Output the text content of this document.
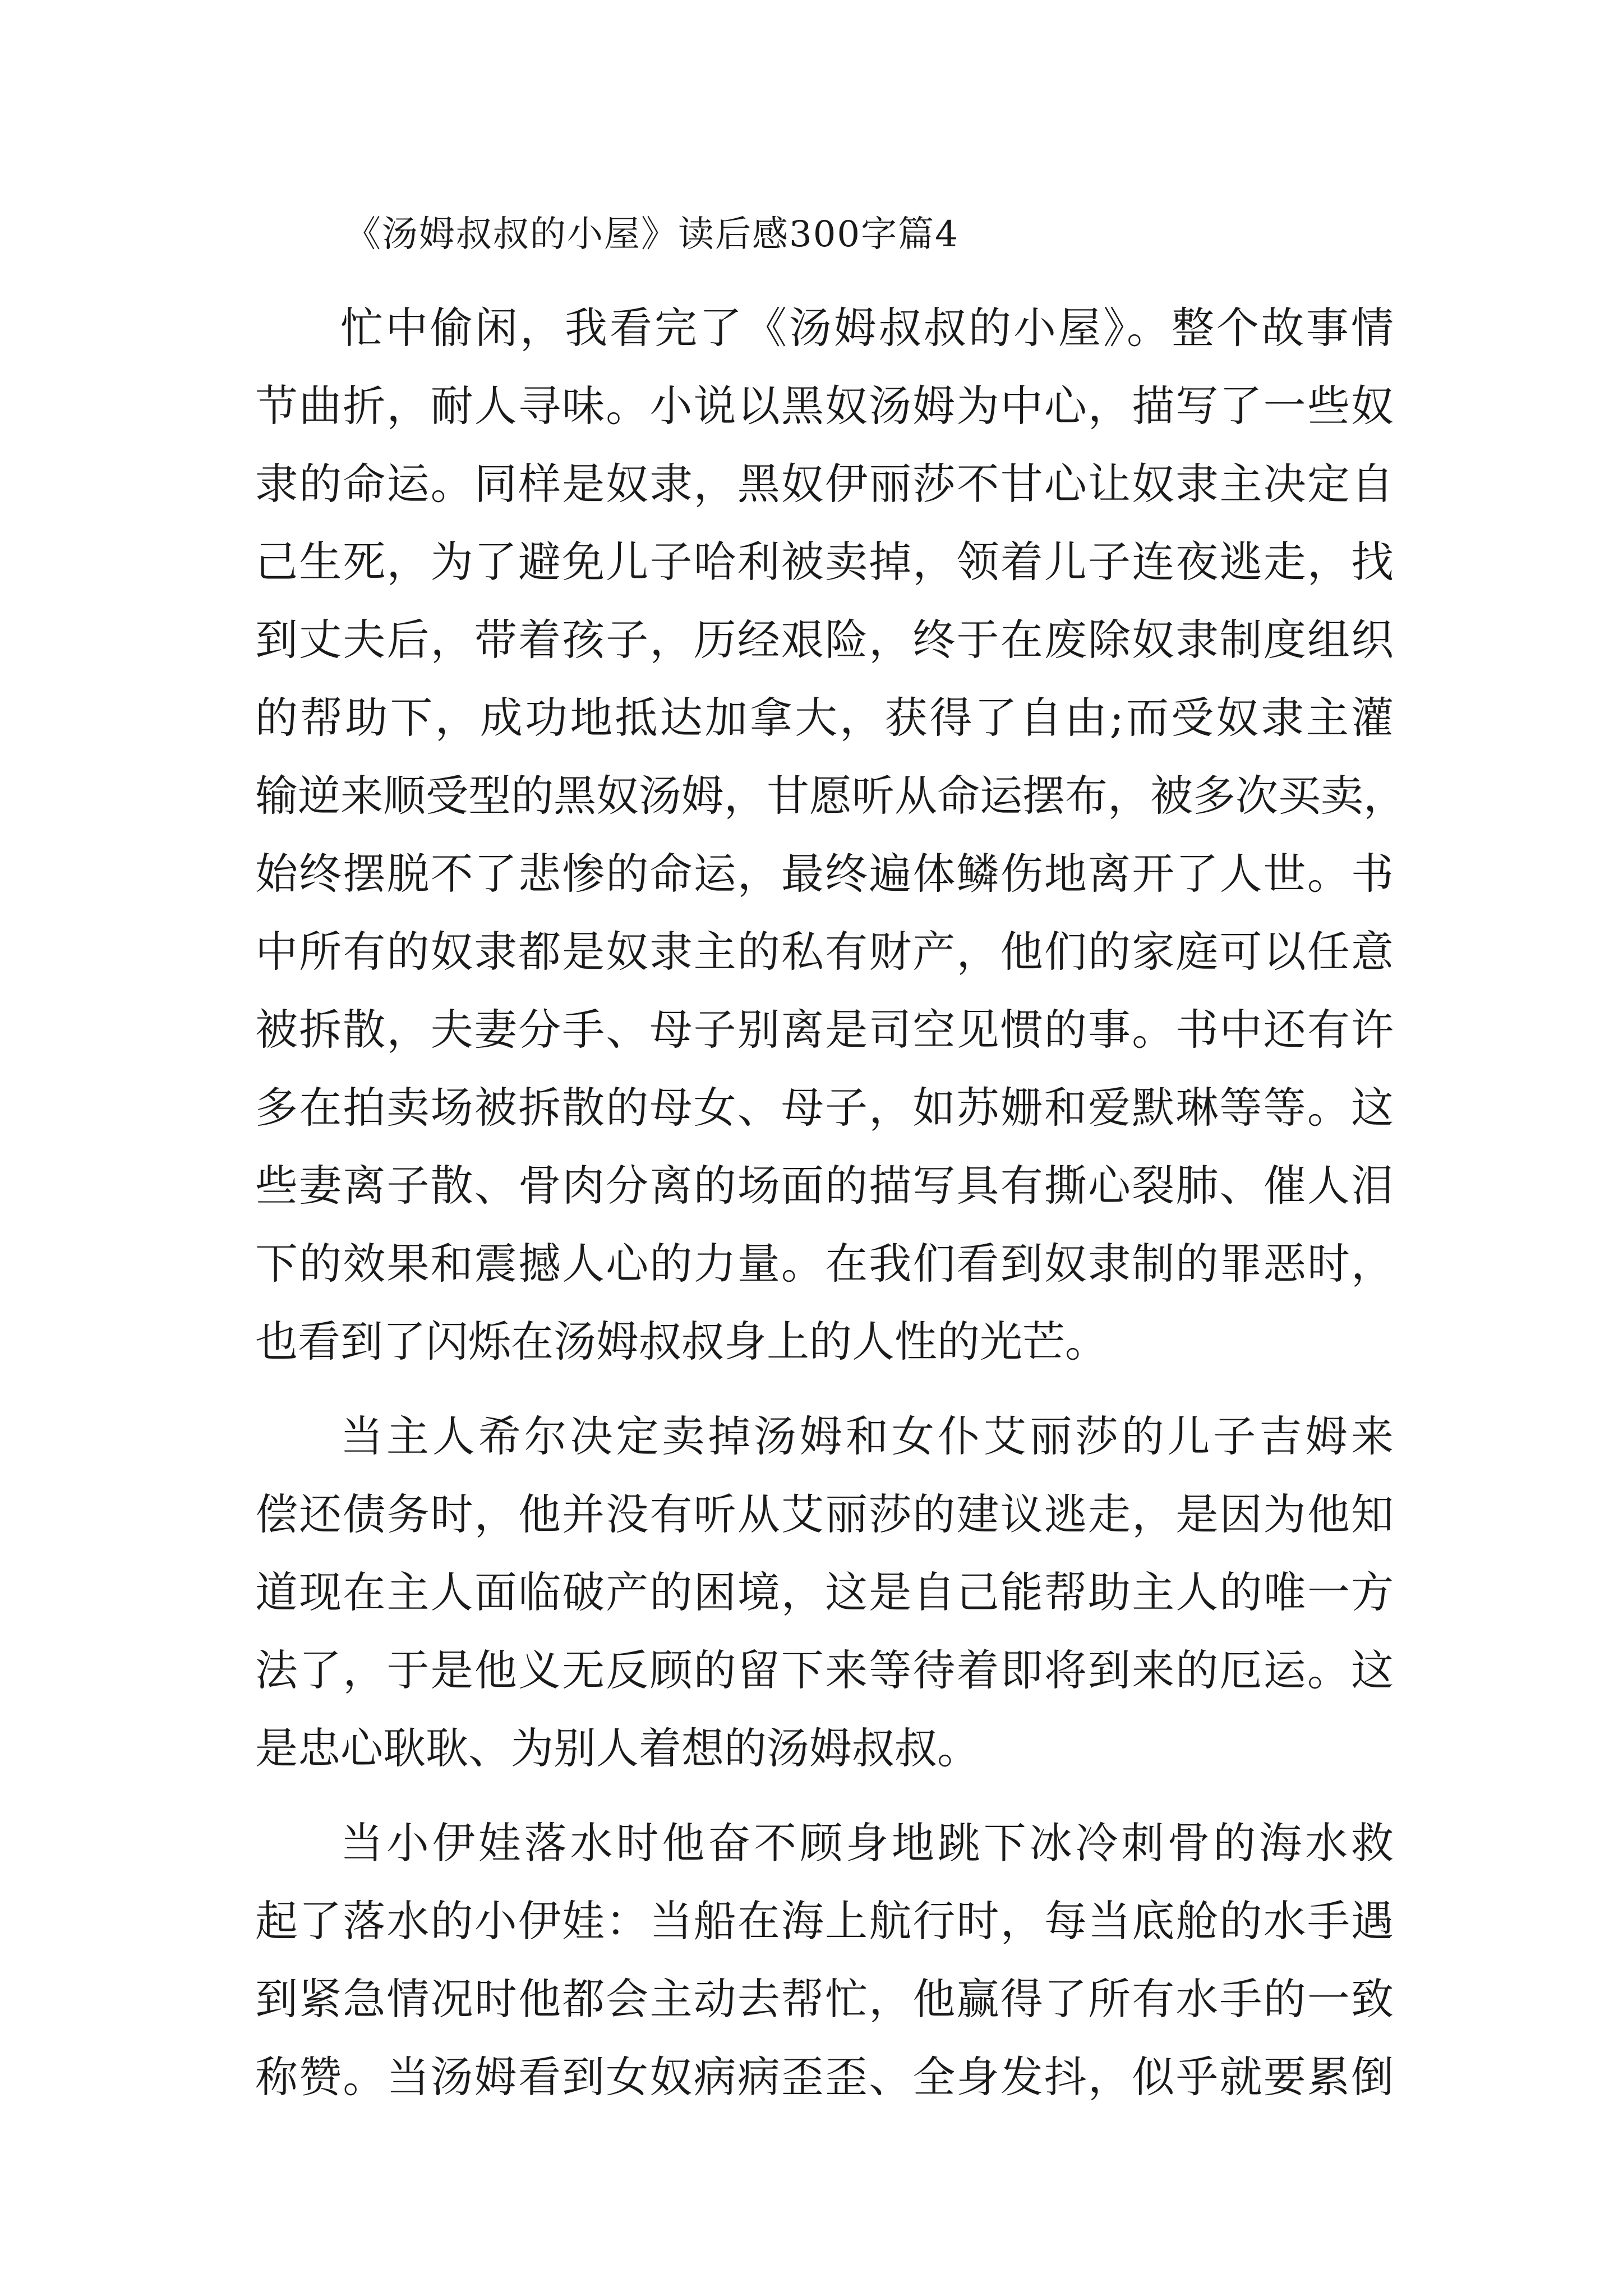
《汤姆叔叔的小屋》读后感300字篇4
忙中偷闲，我看完了《汤姆叔叔的小屋》。整个故事情
节曲折，耐人寻味。小说以黑奴汤姆为中心，描写了一些奴
隶的命运。同样是奴隶，黑奴伊丽莎不甘心让奴隶主决定自
己生死，为了避免儿子哈利被卖掉，领着儿子连夜逃走，找
到丈夫后，带着孩子，历经艰险，终于在废除奴隶制度组织
的帮助下，成功地抵达加拿大，获得了自由;而受奴隶主灌
输逆来顺受型的黑奴汤姆，甘愿听从命运摆布，被多次买卖，
始终摆脱不了悲惨的命运，最终遍体鳞伤地离开了人世。书
中所有的奴隶都是奴隶主的私有财产，他们的家庭可以任意
被拆散，夫妻分手、母子别离是司空见惯的事。书中还有许
多在拍卖场被拆散的母女、母子，如苏姗和爱默琳等等。这
些妻离子散、骨肉分离的场面的描写具有撕心裂肺、催人泪
下的效果和震撼人心的力量。在我们看到奴隶制的罪恶时，
也看到了闪烁在汤姆叔叔身上的人性的光芒。
当主人希尔决定卖掉汤姆和女仆艾丽莎的儿子吉姆来
偿还债务时，他并没有听从艾丽莎的建议逃走，是因为他知
道现在主人面临破产的困境，这是自己能帮助主人的唯一方
法了，于是他义无反顾的留下来等待着即将到来的厄运。这
是忠心耿耿、为别人着想的汤姆叔叔。
当小伊娃落水时他奋不顾身地跳下冰冷刺骨的海水救
起了落水的小伊娃：当船在海上航行时，每当底舱的水手遇
到紧急情况时他都会主动去帮忙，他赢得了所有水手的一致
称赞。当汤姆看到女奴病病歪歪、全身发抖，似乎就要累倒
